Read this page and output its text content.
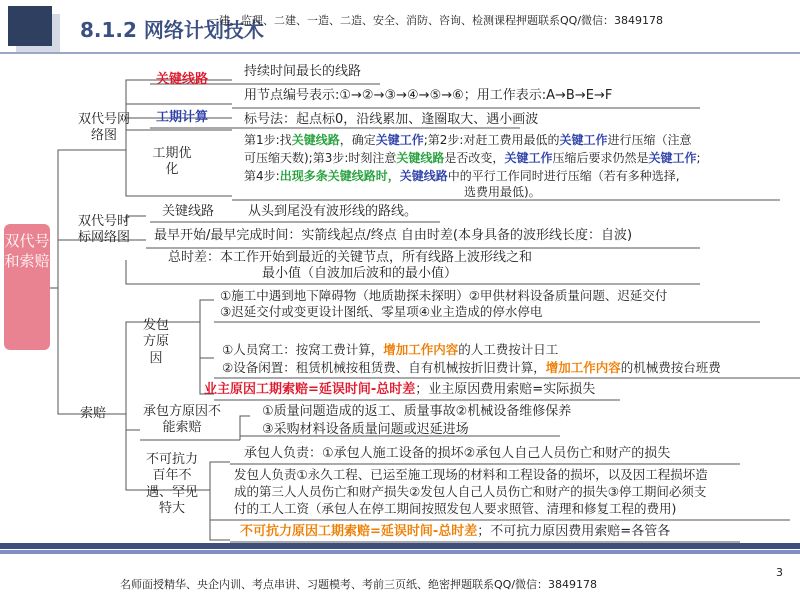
8.1.2 网络计划技术
一建、监理、二建、一造、二造、安全、消防、咨询、检测课程押题联系QQ/微信：3849178
双代号和索赔
双代号网络图
关键线路
持续时间最长的线路
用节点编号表示:①→②→③→④→⑤→⑥；用工作表示:A→B→E→F
工期计算	标号法：起点标0，沿线累加、逢圈取大、遇小画波
工期优化
第1步:找关键线路，确定关键工作;第2步:对赶工费用最低的关键工作进行压缩（注意
可压缩天数);第3步:时刻注意关键线路是否改变，关键工作压缩后要求仍然是关键工作;
第4步:出现多条关键线路时，关键线路中的平行工作同时进行压缩（若有多种选择,
选费用最低)。
双代号时标网络图
关键线路	从头到尾没有波形线的路线。
最早开始/最早完成时间：实箭线起点/终点 自由时差(本身具备的波形线长度：自波)
总时差：本工作开始到最近的关键节点，所有线路上波形线之和
最小值（自波加后波和的最小值）
索赔
发包方原因
①施工中遇到地下障碍物（地质勘探未探明）②甲供材料设备质量问题、迟延交付
③迟延交付或变更设计图纸、零星项④业主造成的停水停电
①人员窝工：按窝工费计算，增加工作内容的人工费按计日工
②设备闲置：租赁机械按租赁费、自有机械按折旧费计算，增加工作内容的机械费按台班费
业主原因工期索赔=延误时间-总时差；业主原因费用索赔=实际损失
承包方原因不能索赔
①质量问题造成的返工、质量事故②机械设备维修保养
③采购材料设备质量问题或迟延进场
不可抗力百年不遇、罕见特大
承包人负责：①承包人施工设备的损坏②承包人自己人员伤亡和财产的损失
发包人负责①永久工程、已运至施工现场的材料和工程设备的损坏，以及因工程损坏造
成的第三人人员伤亡和财产损失②发包人自己人员伤亡和财产的损失③停工期间必须支
付的工人工资（承包人在停工期间按照发包人要求照管、清理和修复工程的费用)
不可抗力原因工期索赔=延误时间-总时差；不可抗力原因费用索赔=各管各
3
名师面授精华、央企内训、考点串讲、习题模考、考前三页纸、绝密押题联系QQ/微信：3849178
